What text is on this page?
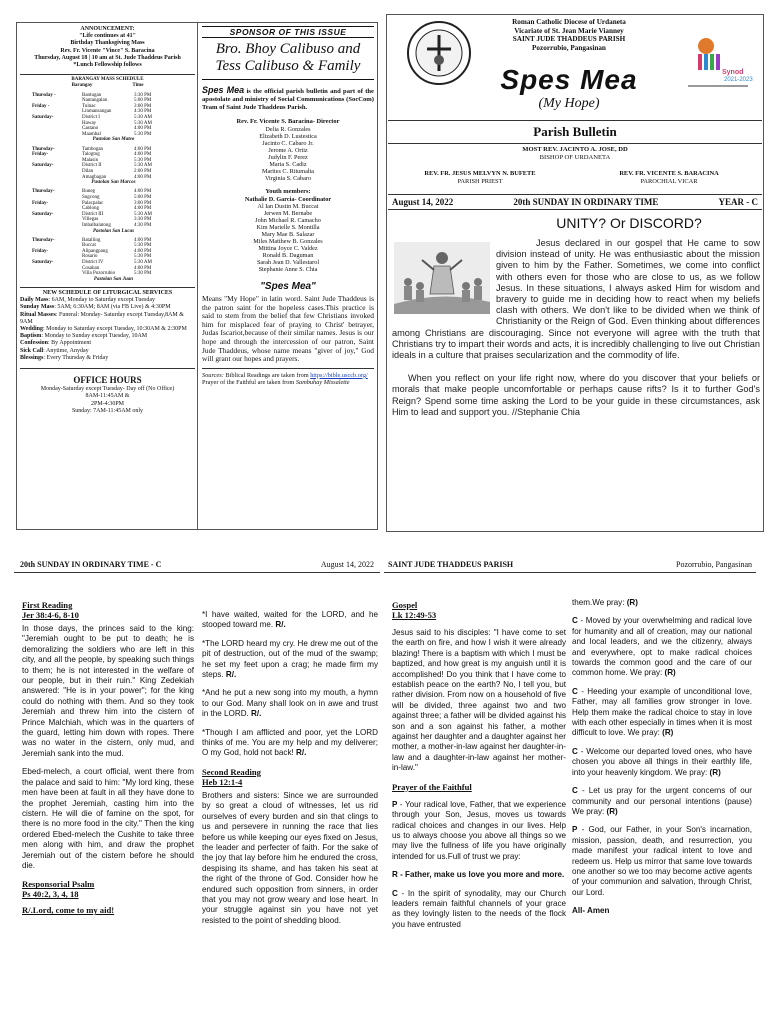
ANNOUNCEMENT:
"Life continues at 41"
Birthday Thanksgiving Mass
Rev. Fr. Vicente "Vince" S. Baracina
Thursday, August 18 | 10 am at St. Jude Thaddeus Parish
*Lunch Fellowship follows
BARANGAY MASS SCHEDULE
Barangay	Time
Thursday -	Bantugan	3:30 PM
Nantangalan	5:00 PM
Friday -	Tulnac	3:00 PM
Linmansangan	4:30 PM
Saturday-	District I	5:30 AM
Haway	5:30 AM
Castano	4:00 PM
Maambal	5:30 PM
Pastolan San Mateo
Thursday-	Tambogan	4:00 PM
Friday-	Talogtog	4:00 PM
Malasin	5:30 PM
Saturday-	District II	5:30 AM
Dilan	2:00 PM
Amagbagan	4:00 PM
Pastolan San Marcos
Thursday-	Buneg	4:00 PM
Sugcong	5:00 PM
Friday-	Palacpalac	3:00 PM
Cablong	4:00 PM
Saturday-	District III	5:30 AM
Villegas	3:30 PM
Imbalbalatong	4:30 PM
Pastolan San Lucas
Thursday-	Batalling	4:00 PM
Buccat	5:30 PM
Friday-	Alipangpang	4:00 PM
Rosario	5:30 PM
Saturday-	District IV	5:30 AM
Cosahan	4:00 PM
Villa Pozorrubio	5:30 PM
Pastolan San Juan
NEW SCHEDULE OF LITURGICAL SERVICES
Daily Mass: 6AM, Monday to Saturday except Tuesday
Sunday Mass: 5AM; 6:30AM; 8AM (via FB Live) & 4:30PM
Ritual Masses: Funeral: Monday- Saturday except Tuesday,8AM & 9AM
Wedding: Monday to Saturday except Tuesday, 10:30AM & 2:30PM
Baptism: Monday to Sunday except Tuesday, 10AM
Confession: By Appointment
Sick Call: Anytime, Anyday
Blessings: Every Thursday & Friday
OFFICE HOURS
Monday-Saturday except Tuesday- Day off (No Office)
8AM-11:45AM &
2PM-4:30PM
Sunday: 7AM-11:45AM only
SPONSOR OF THIS ISSUE
Bro. Bhoy Calibuso and Tess Calibuso & Family
Spes Mea is the official parish bulletin and part of the apostolate and ministry of Social Communications (SocCom) Team of Saint Jude Thaddeus Parish.
Rev. Fr. Vicente S. Baracina- Director
Delia R. Gonzales
Elizabeth D. Lustestica
Jacinto C. Cabaro Jr.
Jerome A. Ortiz
Judylin F. Perez
Maria S. Cadiz
Marites C. Ritumalta
Virginia S. Cabaro
Youth members:
Nathalie D. Garcia- Coordinator
Al Ian Dustin M. Buccat
Jerwen M. Bernabe
John Michael R. Camacho
Kim Marielle S. Montilla
Mary Mae B. Salazar
Miles Matthew B. Gonzales
Mittina Joyce C. Valdez
Ronald B. Daguman
Sarah Jean D. Vallestarol
Stephanie Anne S. Chia
"Spes Mea"
Means "My Hope" in latin word. Saint Jude Thaddeus is the patron saint for the hopeless cases.This practice is said to stem from the belief that few Christians invoked him for misplaced fear of praying to Christ' betrayer, Judas Iscariot,because of their similar names. Jesus is our hope and through the intercession of our patron, Saint Jude Thaddeus, whose name means "giver of joy," God will grant our hopes and prayers.
Sources: Biblical Readings are taken from https://bible.usccb.org/
Prayer of the Faithful are taken from Sambuhay Missalette
Roman Catholic Diocese of Urdaneta
Vicariate of St. Jean Marie Vianney
SAINT JUDE THADDEUS PARISH
Pozorrubio, Pangasinan
Synod
2021-2023
Spes Mea
(My Hope)
Parish Bulletin
MOST REV. JACINTO A. JOSE, DD
BISHOP OF URDANETA
REV. FR. JESUS MELVYN N. BUFETE
PARISH PRIEST
REV. FR. VICENTE S. BARACINA
PAROCHIAL VICAR
August 14, 2022	20th SUNDAY IN ORDINARY TIME	YEAR - C
UNITY? Or DISCORD?

Jesus declared in our gospel that He came to sow division instead of unity. He was enthusiastic about the mission given to him by the Father. Sometimes, we come into conflict with others even for those who are close to us, as we follow Jesus. In these situations, I always asked Him for wisdom and bravery to guide me in deciding how to react when my beliefs clash with others. We don't like to be divided when we think of Christianity or the Reign of God. Even thinking about differences among Christians are discouraging. Since not everyone will agree with the truth that Christians try to impart their words and acts, it is incredibly challenging to live out Christian ideals in a culture that praises secularization and the commodity of life.

When you reflect on your life right now, where do you discover that your beliefs or morals that make people uncomfortable or perhaps cause rifts? Is it to further God's Reign? Spend some time asking the Lord to be your guide in these circumstances, ask Him to lead and support you. //Stephanie Chia

20th SUNDAY IN ORDINARY TIME - C	August 14, 2022
First Reading
Jer 38:4-6, 8-10

In those days, the princes said to the king: "Jeremiah ought to be put to death; he is demoralizing the soldiers who are left in this city, and all the people, by speaking such things to them; he is not interested in the welfare of our people, but in their ruin." King Zedekiah answered: "He is in your power"; for the king could do nothing with them. And so they took Jeremiah and threw him into the cistern of Prince Malchiah, which was in the quarters of the guard, letting him down with ropes. There was no water in the cistern, only mud, and Jeremiah sank into the mud.

Ebed-melech, a court official, went there from the palace and said to him: "My lord king, these men have been at fault in all they have done to the prophet Jeremiah, casting him into the cistern. He will die of famine on the spot, for there is no more food in the city." Then the king ordered Ebed-melech the Cushite to take three men along with him, and draw the prophet Jeremiah out of the cistern before he should die.

Responsorial Psalm
Ps 40:2, 3, 4, 18
R/.Lord, come to my aid!

*I have waited, waited for the LORD, and he stooped toward me. R/.

*The LORD heard my cry. He drew me out of the pit of destruction, out of the mud of the swamp; he set my feet upon a crag; he made firm my steps. R/.

*And he put a new song into my mouth, a hymn to our God. Many shall look on in awe and trust in the LORD. R/.

*Though I am afflicted and poor, yet the LORD thinks of me. You are my help and my deliverer; O my God, hold not back! R/.

Second Reading
Heb 12:1-4

Brothers and sisters: Since we are surrounded by so great a cloud of witnesses, let us rid ourselves of every burden and sin that clings to us and persevere in running the race that lies before us while keeping our eyes fixed on Jesus, the leader and perfecter of faith. For the sake of the joy that lay before him he endured the cross, despising its shame, and has taken his seat at the right of the throne of God. Consider how he endured such opposition from sinners, in order that you may not grow weary and lose heart. In your struggle against sin you have not yet resisted to the point of shedding blood.

SAINT JUDE THADDEUS PARISH	Pozorrubio, Pangasinan
Gospel
Lk 12:49-53

Jesus said to his disciples: "I have come to set the earth on fire, and how I wish it were already blazing! There is a baptism with which I must be baptized, and how great is my anguish until it is accomplished! Do you think that I have come to establish peace on the earth? No, I tell you, but rather division. From now on a household of five will be divided, three against two and two against three; a father will be divided against his son and a son against his father, a mother against her daughter and a daughter against her mother, a mother-in-law against her daughter-in-law and a daughter-in-law against her mother-in-law."

Prayer of the Faithful

P - Your radical love, Father, that we experience through your Son, Jesus, moves us towards radical choices and changes in our lives. Help us to always choose you above all things so we may live the fullness of life you have originally intended for us.Full of trust we pray:

R - Father, make us love you more and more.

C - In the spirit of synodality, may our Church leaders remain faithful channels of your grace as they lovingly listen to the needs of the flock you have entrusted

them.We pray: (R)

C - Moved by your overwhelming and radical love for humanity and all of creation, may our national and local leaders, and we the citizenry, always and everywhere, opt to make radical choices towards the common good and the care of our common home. We pray: (R)

C - Heeding your example of unconditional love, Father, may all families grow stronger in love. Help them make the radical choice to stay in love with each other especially in times when it is most difficult to love. We pray: (R)

C - Welcome our departed loved ones, who have chosen you above all things in their earthly life, into your heavenly kingdom. We pray: (R)

C - Let us pray for the urgent concerns of our community and our personal intentions (pause) We pray: (R)

P - God, our Father, in your Son's incarnation, mission, passion, death, and resurrection, you made manifest your radical intent to love and redeem us. Help us mirror that same love towards one another so we too may become active agents of your communion and salvation, through Christ, our Lord.

All- Amen
